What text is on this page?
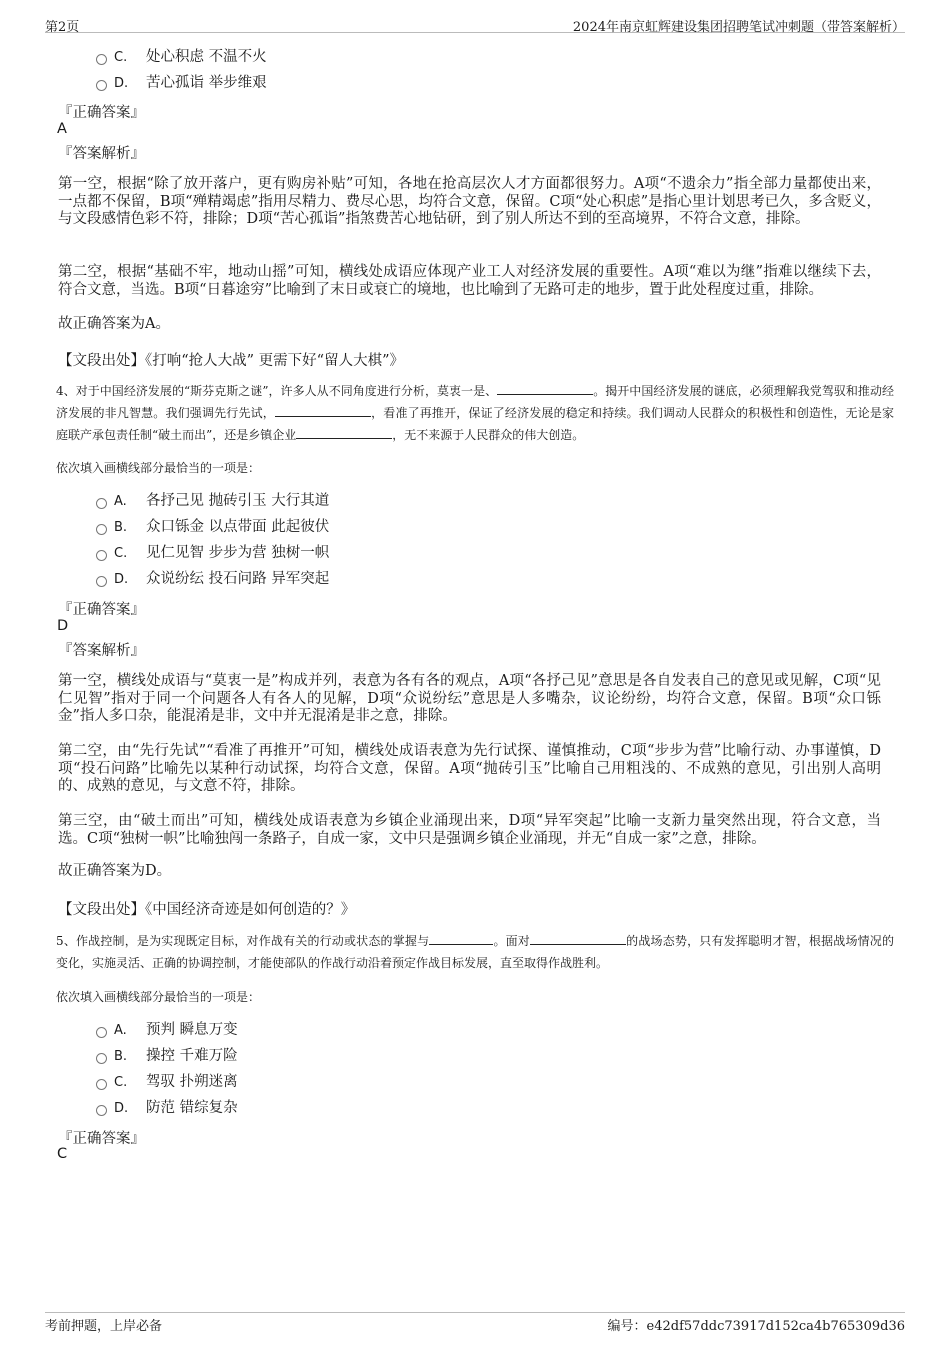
第2页	2024年南京虹辉建设集团招聘笔试冲刺题（带答案解析）
C. 处心积虑 不温不火
D. 苦心孤诣 举步维艰
『正确答案』
A
『答案解析』
第一空，根据“除了放开落户，更有购房补贴”可知，各地在抢高层次人才方面都很努力。A项“不遗余力”指全部力量都使出来，一点都不保留，B项“殚精竭虑”指用尽精力、费尽心思，均符合文意，保留。C项“处心积虑”是指心里计划思考已久，多含贬义，与文段感情色彩不符，排除；D项“苦心孤诣”指煞费苦心地钻研，到了别人所达不到的至高境界，不符合文意，排除。
第二空，根据“基础不牢，地动山摇”可知，横线处成语应体现产业工人对经济发展的重要性。A项“难以为继”指难以继续下去，符合文意，当选。B项“日暮途穷”比喻到了末日或衰亡的境地，也比喻到了无路可走的地步，置于此处程度过重，排除。
故正确答案为A。
【文段出处】《打响“抢人大战” 更需下好“留人大棋”》
4、对于中国经济发展的“斯芬克斯之谜”，许多人从不同角度进行分析，莫衷一是、	。揭开中国经济发展的谜底，必须理解我党驾驭和推动经济发展的非凡智慧。我们强调先行先试，	，看准了再推开，保证了经济发展的稳定和持续。我们调动人民群众的积极性和创造性，无论是家庭联产承包责任制“破土而出”，还是乡镇企业	，无不来源于人民群众的伟大创造。
依次填入画横线部分最恰当的一项是：
A. 各抒己见 抛砖引玉 大行其道
B. 众口铄金 以点带面 此起彼伏
C. 见仁见智 步步为营 独树一帜
D. 众说纷纭 投石问路 异军突起
『正确答案』
D
『答案解析』
第一空，横线处成语与“莫衷一是”构成并列，表意为各有各的观点，A项“各抒己见”意思是各自发表自己的意见或见解，C项“见仁见智”指对于同一个问题各人有各人的见解，D项“众说纷纭”意思是人多嘴杂，议论纷纷，均符合文意，保留。B项“众口铄金”指人多口杂，能混淆是非，文中并无混淆是非之意，排除。
第二空，由“先行先试”“看准了再推开”可知，横线处成语表意为先行试探、谨慎推动，C项“步步为营”比喻行动、办事谨慎，D项“投石问路”比喻先以某种行动试探，均符合文意，保留。A项“抛砖引玉”比喻自己用粗浅的、不成熟的意见，引出别人高明的、成熟的意见，与文意不符，排除。
第三空，由“破土而出”可知，横线处成语表意为乡镇企业涌现出来，D项“异军突起”比喻一支新力量突然出现，符合文意，当选。C项“独树一帜”比喻独闯一条路子，自成一家，文中只是强调乡镇企业涌现，并无“自成一家”之意，排除。
故正确答案为D。
【文段出处】《中国经济奇迹是如何创造的？》
5、作战控制，是为实现既定目标，对作战有关的行动或状态的掌握与	。面对	的战场态势，只有发挥聪明才智，根据战场情况的变化，实施灵活、正确的协调控制，才能使部队的作战行动沿着预定作战目标发展，直至取得作战胜利。
依次填入画横线部分最恰当的一项是：
A. 预判 瞬息万变
B. 操控 千难万险
C. 驾驭 扑朔迷离
D. 防范 错综复杂
『正确答案』
C
考前押题，上岸必备	编号：e42df57ddc73917d152ca4b765309d36
